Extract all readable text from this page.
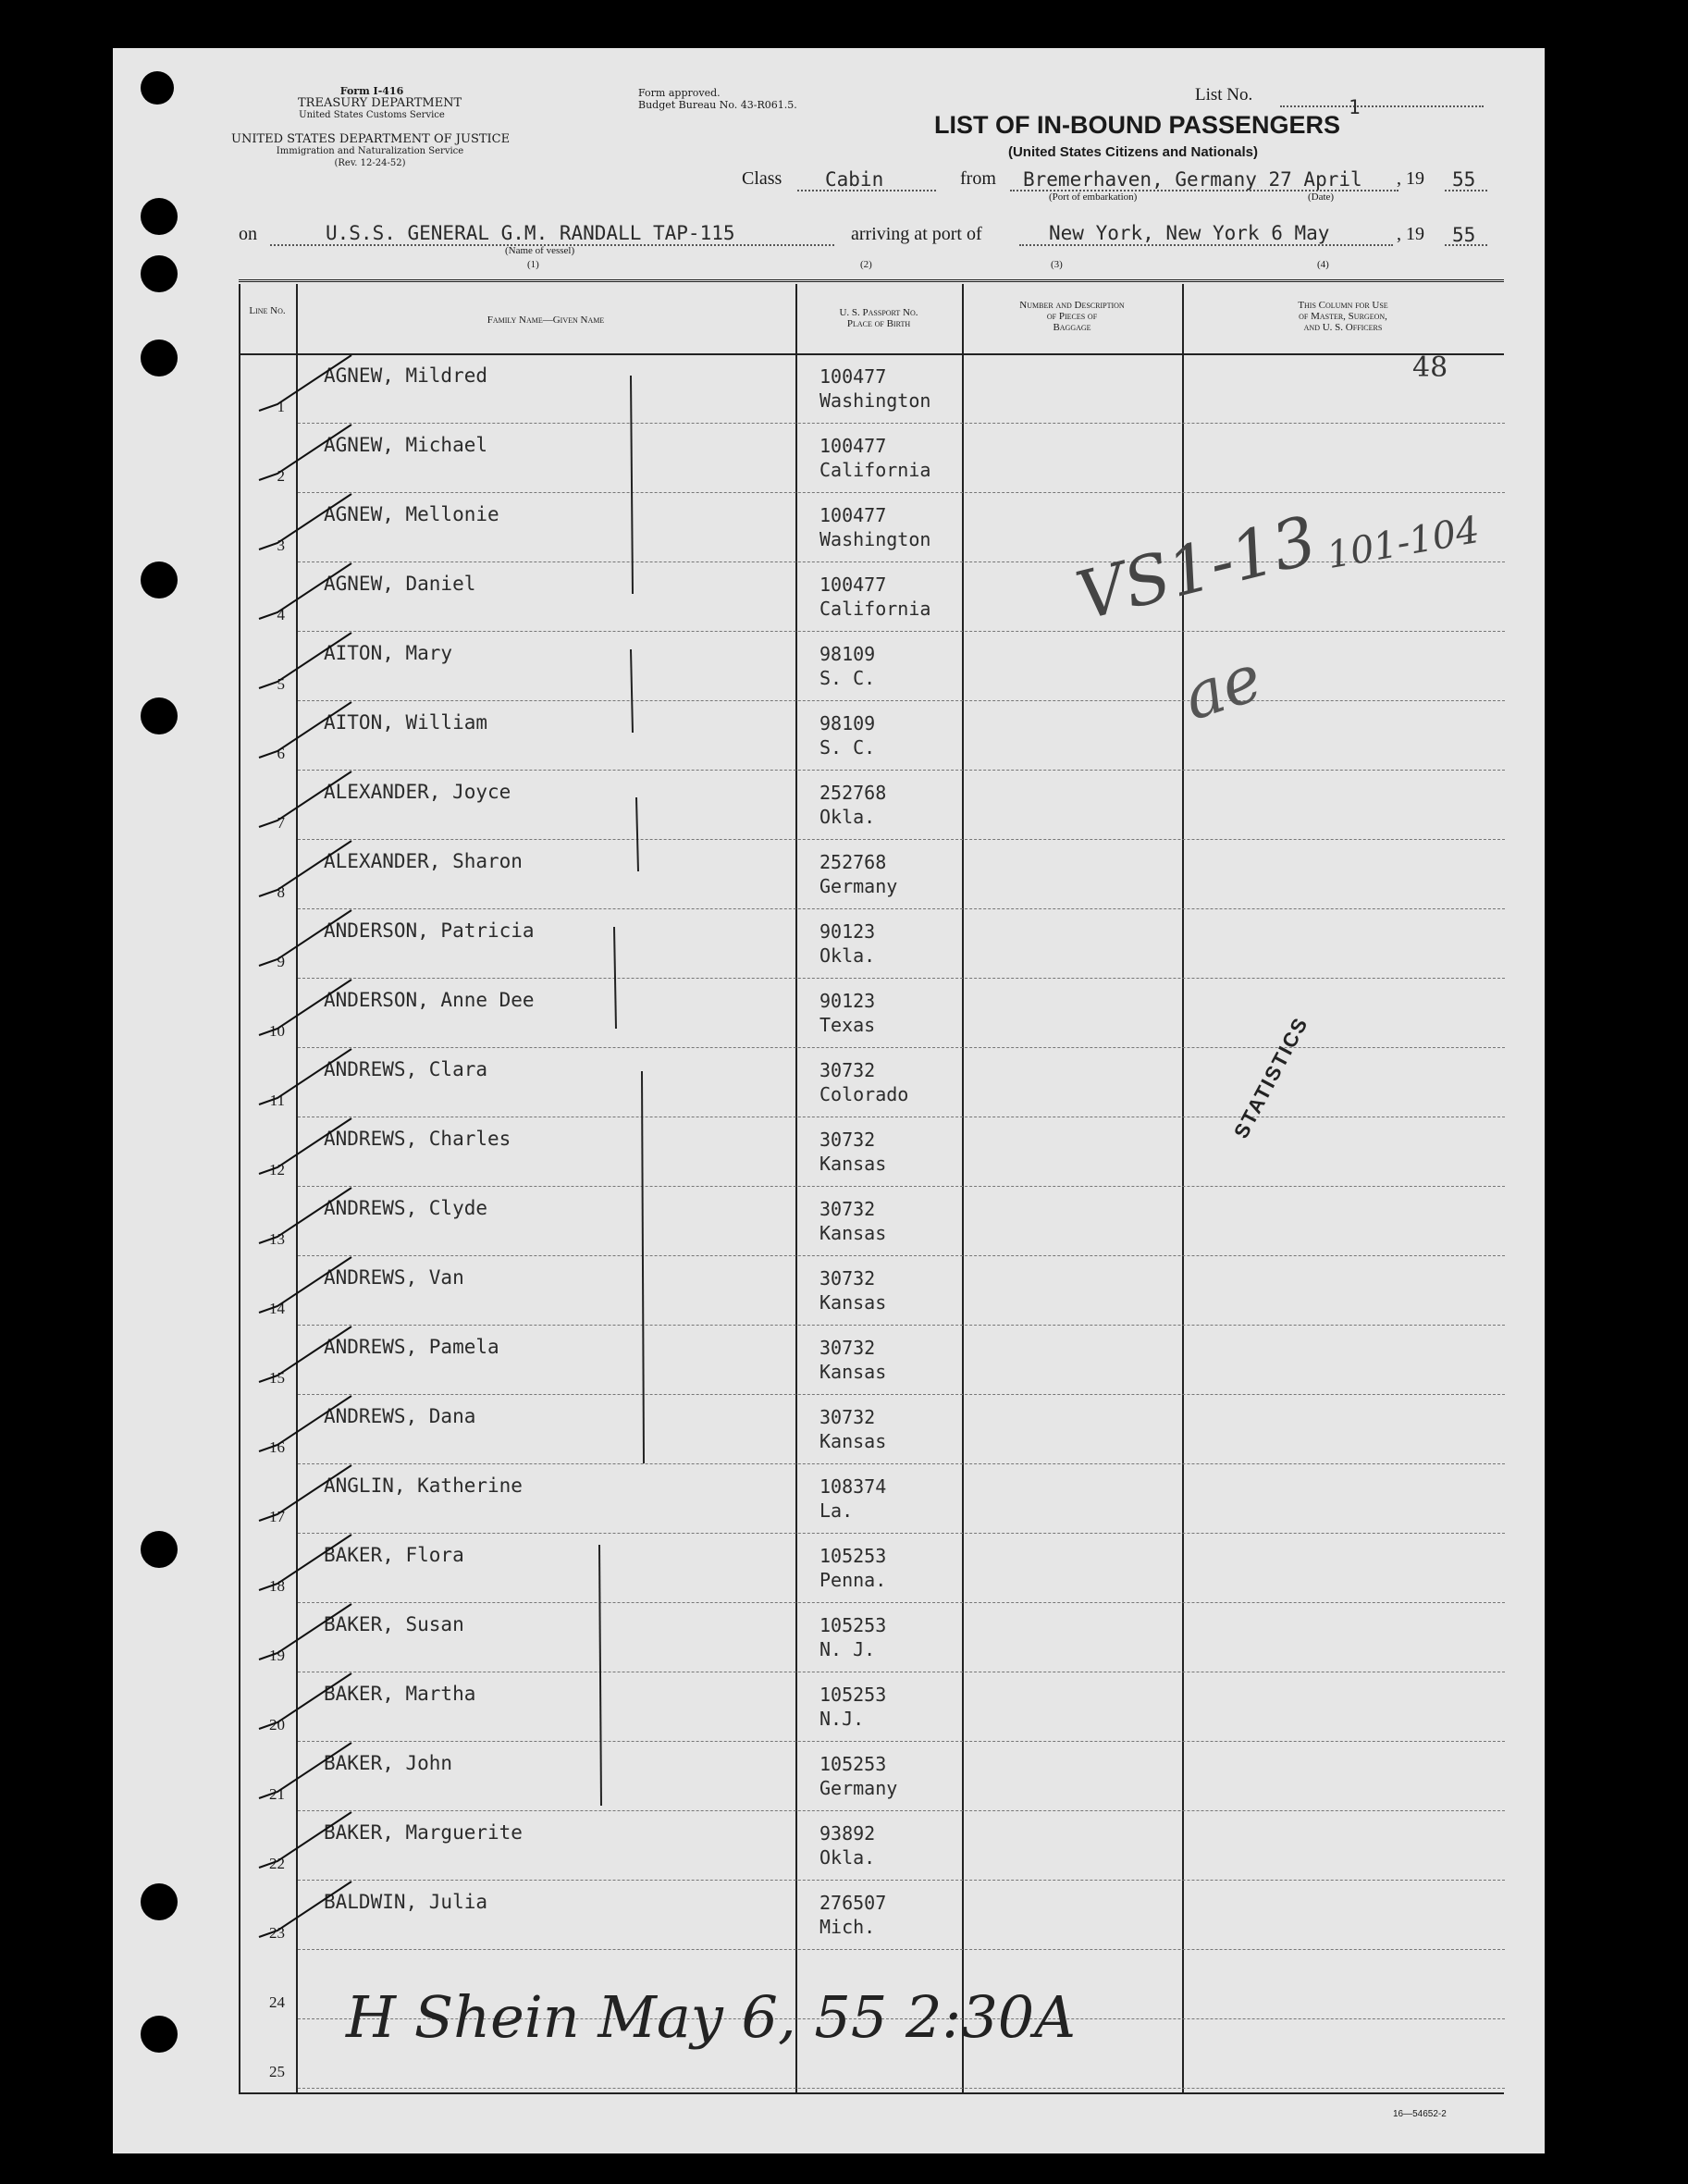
Form I-416
TREASURY DEPARTMENT
United States Customs Service
UNITED STATES DEPARTMENT OF JUSTICE
Immigration and Naturalization Service
(Rev. 12-24-52)
Form approved.
Budget Bureau No. 43-R061.5.
List No.
1
LIST OF IN-BOUND PASSENGERS
(United States Citizens and Nationals)
Class Cabin	from Bremerhaven, Germany 27 April , 19 55
(Port of embarkation)	(Date)
on	U.S.S. GENERAL G.M. RANDALL TAP-115
(Name of vessel)
(1)
arriving at port of
(2)
New York, New York 6 May
(3)
, 19 55
(4)
Line No.
Family Name—Given Name
U. S. Passport No.
Place of Birth
Number and Description
of Pieces of
Baggage
This Column for Use
of Master, Surgeon,
and U. S. Officers
1
AGNEW, Mildred	100477
Washington
2
AGNEW, Michael	100477
California
3
AGNEW, Mellonie	100477
Washington
4
AGNEW, Daniel	100477
California
5
AITON, Mary	98109
S. C.
6
AITON, William	98109
S. C.
7
ALEXANDER, Joyce	252768
Okla.
8
ALEXANDER, Sharon	252768
Germany
9
ANDERSON, Patricia	90123
Okla.
10
ANDERSON, Anne Dee	90123
Texas
11
ANDREWS, Clara	30732
Colorado
12
ANDREWS, Charles	30732
Kansas
13
ANDREWS, Clyde	30732
Kansas
14
ANDREWS, Van	30732
Kansas
15
ANDREWS, Pamela	30732
Kansas
16
ANDREWS, Dana	30732
Kansas
17
ANGLIN, Katherine	108374
La.
18
BAKER, Flora	105253
Penna.
19
BAKER, Susan	105253
N. J.
20
BAKER, Martha	105253
N.J.
21
BAKER, John	105253
Germany
22
BAKER, Marguerite	93892
Okla.
23
BALDWIN, Julia	276507
Mich.
24
25
48
VS1-13 101-104
ae
STATISTICS
H Shein May 6, 55 2:30A
16—54652-2
